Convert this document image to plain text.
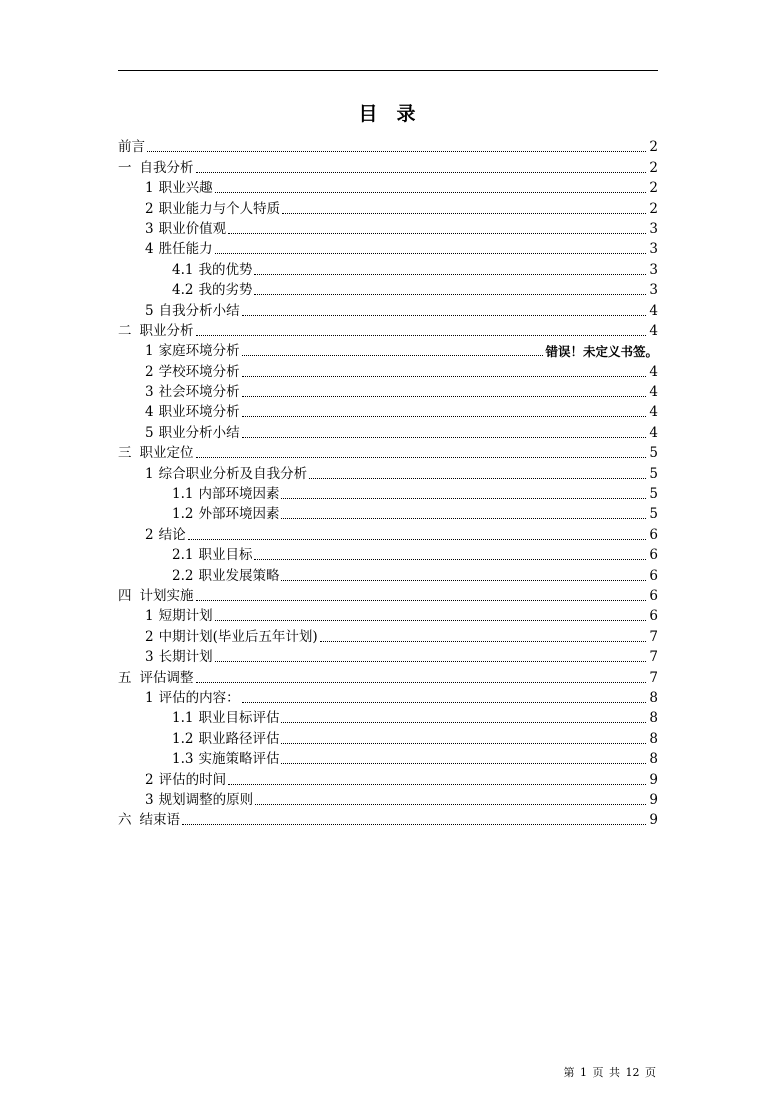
目　录
前言	2
一 自我分析	2
1 职业兴趣	2
2 职业能力与个人特质	2
3 职业价值观	3
4 胜任能力	3
4.1 我的优势	3
4.2 我的劣势	3
5 自我分析小结	4
二 职业分析	4
1 家庭环境分析	错误！未定义书签。
2 学校环境分析	4
3 社会环境分析	4
4 职业环境分析	4
5 职业分析小结	4
三 职业定位	5
1 综合职业分析及自我分析	5
1.1 内部环境因素	5
1.2 外部环境因素	5
2 结论	6
2.1 职业目标	6
2.2 职业发展策略	6
四 计划实施	6
1 短期计划	6
2 中期计划(毕业后五年计划)	7
3 长期计划	7
五 评估调整	7
1 评估的内容：	8
1.1 职业目标评估	8
1.2 职业路径评估	8
1.3 实施策略评估	8
2 评估的时间	9
3 规划调整的原则	9
六 结束语	9
第 1 页 共 12 页
